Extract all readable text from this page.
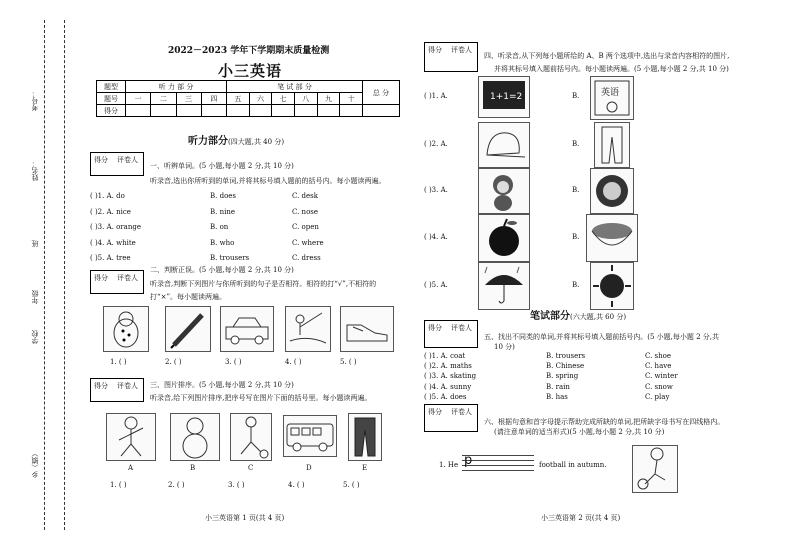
考号：
姓名：
班
年级
学校
乡（镇）
2022－2023 学年下学期期末质量检测
小三英语
题型	听 力 部 分				笔 试 部 分						总 分
题号	一	二	三	四	五	六	七	八	九	十	
得分											
听力部分(四大题,共 40 分)
得分 评卷人
一、听辨单词。(5 小题,每小题 2 分,共 10 分)
听录音,选出你所听到的单词,并将其标号填入题前的括号内。每小题读两遍。
( )1. A. do	B. does	C. desk
( )2. A. nice	B. nine	C. nose
( )3. A. orange	B. on	C. open
( )4. A. white	B. who	C. where
( )5. A. tree	B. trousers	C. dress
得分 评卷人
二、判断正误。(5 小题,每小题 2 分,共 10 分)
听录音,判断下列图片与你所听到的句子是否相符。相符的打“√”,不相符的
打“×”。每小题读两遍。
1. ( )	2. ( )	3. ( )	4. ( )	5. ( )
得分 评卷人 三、图片排序。(5 小题,每小题 2 分,共 10 分)
听录音,给下列图片排序,把序号写在图片下面的括号里。每小题读两遍。
A	B	C	D	E
1. ( )	2. ( )	3. ( )	4. ( )	5. ( )
小三英语第 1 页(共 4 页)
得分 评卷人
四、听录音,从下列每小题所给的 A、B 两个选项中,选出与录音内容相符的图片,
并将其标号填入题前括号内。每小题读两遍。(5 小题,每小题 2 分,共 10 分)
( )1. A.	B.
( )2. A.	B.
( )3. A.	B.
( )4. A.	B.
( )5. A.	B.
1+1=2	英语
笔试部分(六大题,共 60 分)
得分 评卷人
五、找出不同类的单词,并将其标号填入题前括号内。(5 小题,每小题 2 分,共
10 分)
( )1. A. coat	B. trousers	C. shoe
( )2. A. maths	B. Chinese	C. have
( )3. A. skating	B. spring	C. winter
( )4. A. sunny	B. rain	C. snow
( )5. A. does	B. has	C. play
得分 评卷人
六、根据句意和首字母提示帮助完成所缺的单词,把所缺字母书写在四线格内。
(请注意单词的适当形式)(5 小题,每小题 2 分,共 10 分)
1. He p	football in autumn.
小三英语第 2 页(共 4 页)
